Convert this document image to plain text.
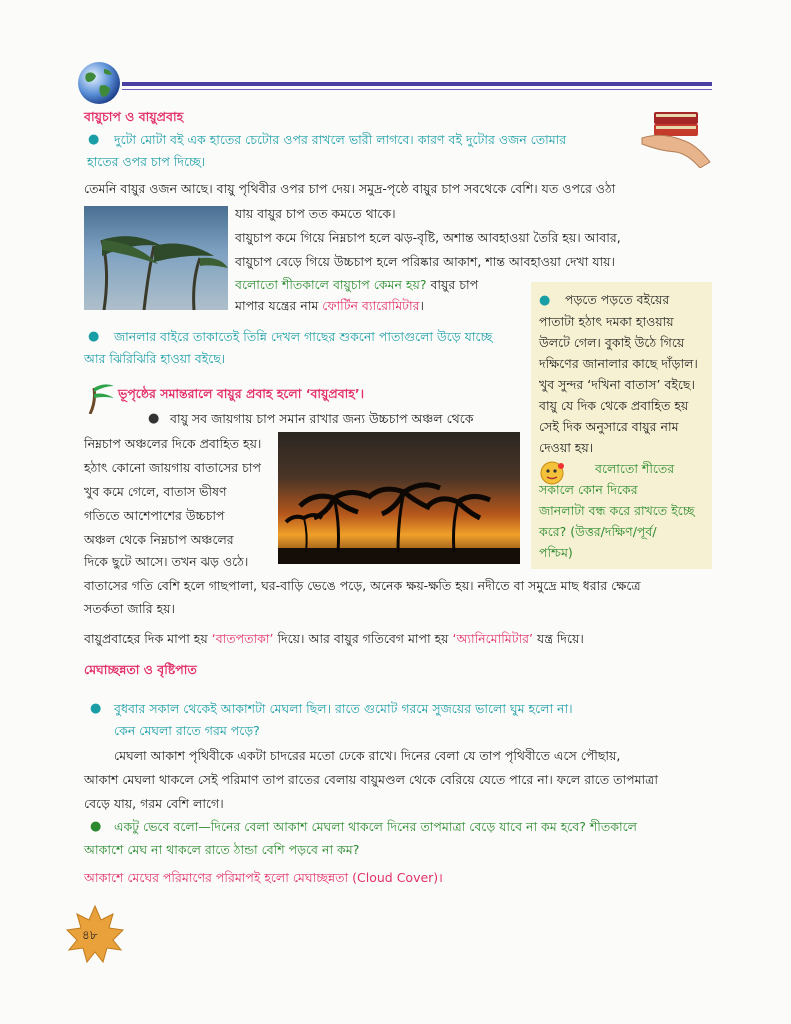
বায়ুচাপ ও বায়ুপ্রবাহ
● দুটো মোটা বই এক হাতের চেটোর ওপর রাখলে ভারী লাগবে। কারণ বই দুটোর ওজন তোমার
হাতের ওপর চাপ দিচ্ছে।
তেমনি বায়ুর ওজন আছে। বায়ু পৃথিবীর ওপর চাপ দেয়। সমুদ্র-পৃষ্ঠে বায়ুর চাপ সবথেকে বেশি। যত ওপরে ওঠা
যায় বায়ুর চাপ তত কমতে থাকে।
বায়ুচাপ কমে গিয়ে নিম্নচাপ হলে ঝড়-বৃষ্টি, অশান্ত আবহাওয়া তৈরি হয়। আবার,
বায়ুচাপ বেড়ে গিয়ে উচ্চচাপ হলে পরিষ্কার আকাশ, শান্ত আবহাওয়া দেখা যায়।
বলোতো শীতকালে বায়ুচাপ কেমন হয়? বায়ুর চাপ
মাপার যন্ত্রের নাম ফোর্টিন ব্যারোমিটার।
● জানলার বাইরে তাকাতেই তিন্নি দেখল গাছের শুকনো পাতাগুলো উড়ে যাচ্ছে
আর ঝিরিঝিরি হাওয়া বইছে।
● পড়তে পড়তে বইয়ের
পাতাটা হঠাৎ দমকা হাওয়ায়
উলটে গেল। বুকাই উঠে গিয়ে
দক্ষিণের জানালার কাছে দাঁড়াল।
খুব সুন্দর ‘দখিনা বাতাস’ বইছে।
বায়ু যে দিক থেকে প্রবাহিত হয়
সেই দিক অনুসারে বায়ুর নাম
দেওয়া হয়।
বলোতো শীতের
সকালে কোন দিকের
জানলাটা বন্ধ করে রাখতে ইচ্ছে
করে? (উত্তর/দক্ষিণ/পূর্ব/
পশ্চিম)
ভূপৃষ্ঠের সমান্তরালে বায়ুর প্রবাহ হলো ‘বায়ুপ্রবাহ’।
● বায়ু সব জায়গায় চাপ সমান রাখার জন্য উচ্চচাপ অঞ্চল থেকে
নিম্নচাপ অঞ্চলের দিকে প্রবাহিত হয়।
হঠাৎ কোনো জায়গায় বাতাসের চাপ
খুব কমে গেলে, বাতাস ভীষণ
গতিতে আশেপাশের উচ্চচাপ
অঞ্চল থেকে নিম্নচাপ অঞ্চলের
দিকে ছুটে আসে। তখন ঝড় ওঠে।
বাতাসের গতি বেশি হলে গাছপালা, ঘর-বাড়ি ভেঙে পড়ে, অনেক ক্ষয়-ক্ষতি হয়। নদীতে বা সমুদ্রে মাছ ধরার ক্ষেত্রে
সতর্কতা জারি হয়।
বায়ুপ্রবাহের দিক মাপা হয় ‘বাতপতাকা’ দিয়ে। আর বায়ুর গতিবেগ মাপা হয় ‘অ্যানিমোমিটার’ যন্ত্র দিয়ে।
মেঘাচ্ছন্নতা ও বৃষ্টিপাত
● বুধবার সকাল থেকেই আকাশটা মেঘলা ছিল। রাতে গুমোট গরমে সুজয়ের ভালো ঘুম হলো না।
কেন মেঘলা রাতে গরম পড়ে?
মেঘলা আকাশ পৃথিবীকে একটা চাদরের মতো ঢেকে রাখে। দিনের বেলা যে তাপ পৃথিবীতে এসে পৌছায়,
আকাশ মেঘলা থাকলে সেই পরিমাণ তাপ রাতের বেলায় বায়ুমণ্ডল থেকে বেরিয়ে যেতে পারে না। ফলে রাতে তাপমাত্রা
বেড়ে যায়, গরম বেশি লাগে।
● একটু ভেবে বলো—দিনের বেলা আকাশ মেঘলা থাকলে দিনের তাপমাত্রা বেড়ে যাবে না কম হবে? শীতকালে
আকাশে মেঘ না থাকলে রাতে ঠান্ডা বেশি পড়বে না কম?
আকাশে মেঘের পরিমাণের পরিমাপই হলো মেঘাচ্ছন্নতা (Cloud Cover)।
৪৮
